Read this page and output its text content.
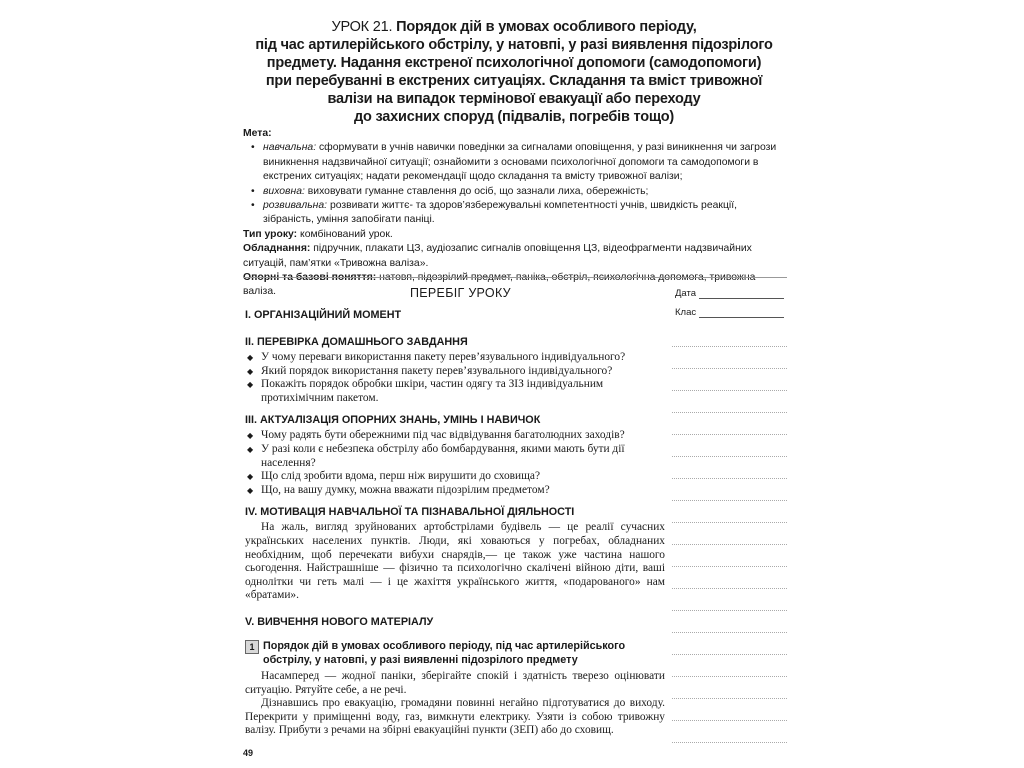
УРОК 21. Порядок дій в умовах особливого періоду,
під час артилерійського обстрілу, у натовпі, у разі виявлення підозрілого
предмету. Надання екстреної психологічної допомоги (самодопомоги)
при перебуванні в екстрених ситуаціях. Складання та вміст тривожної
валізи на випадок термінової евакуації або переходу
до захисних споруд (підвалів, погребів тощо)
Мета:
• навчальна: сформувати в учнів навички поведінки за сигналами оповіщення, у разі виникнення чи загрози виникнення надзвичайної ситуації; ознайомити з основами психологічної допомоги та самодопомоги в екстрених ситуаціях; надати рекомендації щодо складання та вмісту тривожної валізи;
• виховна: виховувати гуманне ставлення до осіб, що зазнали лиха, обережність;
• розвивальна: розвивати життє- та здоров’язбережувальні компетентності учнів, швидкість реакції, зібраність, уміння запобігати паніці.
Тип уроку: комбінований урок.
Обладнання: підручник, плакати ЦЗ, аудіозапис сигналів оповіщення ЦЗ, відеофрагменти надзвичайних ситуацій, пам’ятки «Тривожна валіза».
валіза.	ПЕРЕБІГ УРОКУ	Дата
Клас
I. ОРГАНІЗАЦІЙНИЙ МОМЕНТ
II. ПЕРЕВІРКА ДОМАШНЬОГО ЗАВДАННЯ
◆ У чому переваги використання пакету перев’язувального індивідуального?
◆ Який порядок використання пакету перев’язувального індивідуального?
◆ Покажіть порядок обробки шкіри, частин одягу та ЗІЗ індивідуальним протихімічним пакетом.
III. АКТУАЛІЗАЦІЯ ОПОРНИХ ЗНАНЬ, УМІНЬ І НАВИЧОК
◆ Чому радять бути обережними під час відвідування багатолюдних заходів?
◆ У разі коли є небезпека обстрілу або бомбардування, якими мають бути дії населення?
◆ Що слід зробити вдома, перш ніж вирушити до сховища?
◆ Що, на вашу думку, можна вважати підозрілим предметом?
IV. МОТИВАЦІЯ НАВЧАЛЬНОЇ ТА ПІЗНАВАЛЬНОЇ ДІЯЛЬНОСТІ
На жаль, вигляд зруйнованих артобстрілами будівель — це реалії сучасних українських населених пунктів. Люди, які ховаються у погребах, обладнаних необхідним, щоб перечекати вибухи снарядів,— це також уже частина нашого сьогодення. Найстрашніше — фізично та психологічно скалічені війною діти, ваші однолітки чи геть малі — і це жахіття українського життя, «подарованого» нам «братами».
V. ВИВЧЕННЯ НОВОГО МАТЕРІАЛУ
1 Порядок дій в умовах особливого періоду, під час артилерійського обстрілу, у натовпі, у разі виявленні підозрілого предмету
Насамперед — жодної паніки, зберігайте спокій і здатність тверезо оцінювати ситуацію. Рятуйте себе, а не речі.
Дізнавшись про евакуацію, громадяни повинні негайно підготуватися до виходу. Перекрити у приміщенні воду, газ, вимкнути електрику. Узяти із собою тривожну валізу. Прибути з речами на збірні евакуаційні пункти (ЗЕП) або до сховищ.
49
